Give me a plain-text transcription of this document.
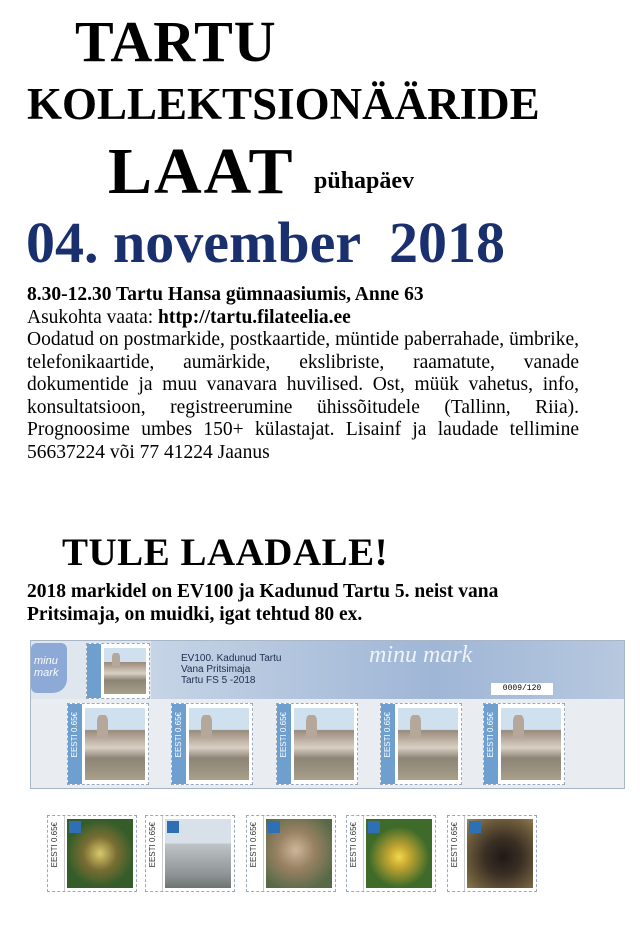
TARTU
KOLLEKTSIONÄÄRIDE
LAAT pühapäev
04. november  2018

8.30-12.30 Tartu Hansa gümnaasiumis, Anne 63

Asukohta vaata: http://tartu.filateelia.ee

Oodatud on postmarkide, postkaartide, müntide paberrahade, ümbrike, telefonikaartide, aumärkide, ekslibriste, raamatute, vanade dokumentide ja muu vanavara huvilised. Ost, müük vahetus, info, konsultatsioon, registreerumine ühissõitudele (Tallinn, Riia). Prognoosime umbes 150+ külastajat. Lisainf ja laudade tellimine 56637224 või 77 41224 Jaanus

TULE LAADALE!
2018 markidel on EV100 ja Kadunud Tartu 5. neist vana Pritsimaja, on muidki, igat tehtud 80 ex.
minu mark
EV100. Kadunud Tartu
Vana Pritsimaja
Tartu FS 5 -2018
minu mark
0009/120
EESTI 0.65€	EESTI 0.65€	EESTI 0.65€	EESTI 0.65€	EESTI 0.65€
EESTI 0.65€	EESTI 0.65€	EESTI 0.65€	EESTI 0.65€	EESTI 0.65€
